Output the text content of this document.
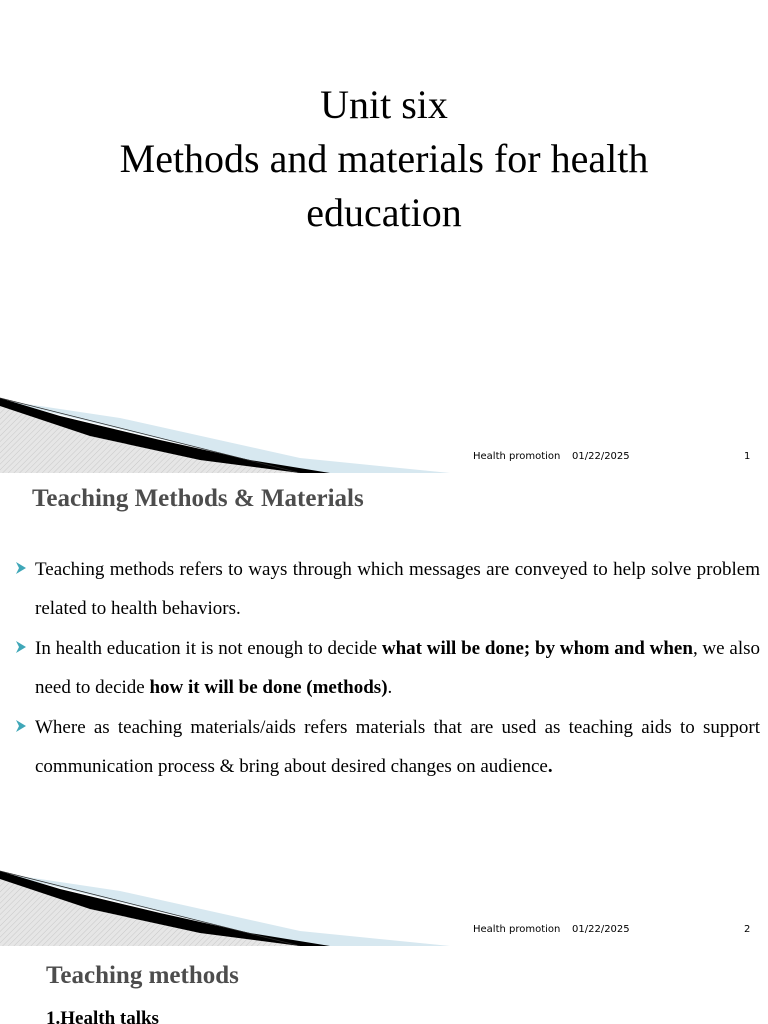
Unit six
Methods and materials for health
education
Health promotion 01/22/2025	1
Teaching Methods & Materials
Teaching methods refers to ways through which messages are conveyed to help solve problem related to health behaviors.
In health education it is not enough to decide what will be done; by whom and when, we also need to decide how it will be done (methods).
Where as teaching materials/aids refers materials that are used as teaching aids to support communication process & bring about desired changes on audience.
Health promotion 01/22/2025	2
Teaching methods
1.Health talks
